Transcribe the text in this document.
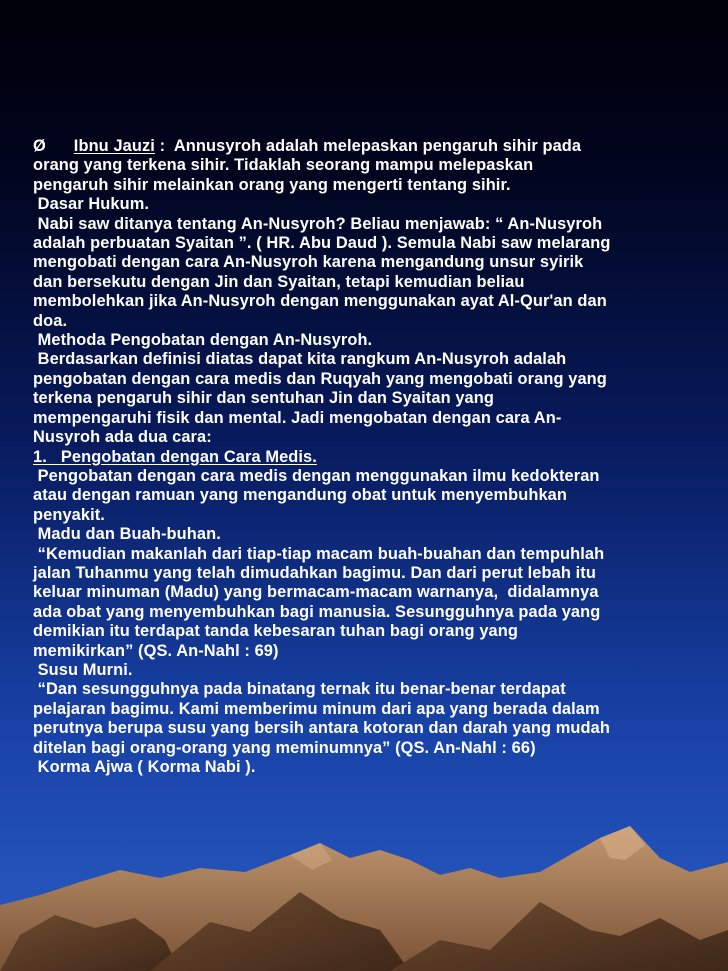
Ø Ibnu Jauzi :  Annusyroh adalah melepaskan pengaruh sihir pada
orang yang terkena sihir. Tidaklah seorang mampu melepaskan
pengaruh sihir melainkan orang yang mengerti tentang sihir.
Dasar Hukum.
Nabi saw ditanya tentang An-Nusyroh? Beliau menjawab: “ An-Nusyroh
adalah perbuatan Syaitan ”. ( HR. Abu Daud ). Semula Nabi saw melarang
mengobati dengan cara An-Nusyroh karena mengandung unsur syirik
dan bersekutu dengan Jin dan Syaitan, tetapi kemudian beliau
membolehkan jika An-Nusyroh dengan menggunakan ayat Al-Qur'an dan
doa.
Methoda Pengobatan dengan An-Nusyroh.
Berdasarkan definisi diatas dapat kita rangkum An-Nusyroh adalah
pengobatan dengan cara medis dan Ruqyah yang mengobati orang yang
terkena pengaruh sihir dan sentuhan Jin dan Syaitan yang
mempengaruhi fisik dan mental. Jadi mengobatan dengan cara An-
Nusyroh ada dua cara:
1.   Pengobatan dengan Cara Medis.
Pengobatan dengan cara medis dengan menggunakan ilmu kedokteran
atau dengan ramuan yang mengandung obat untuk menyembuhkan
penyakit.
Madu dan Buah-buhan.
“Kemudian makanlah dari tiap-tiap macam buah-buahan dan tempuhlah
jalan Tuhanmu yang telah dimudahkan bagimu. Dan dari perut lebah itu
keluar minuman (Madu) yang bermacam-macam warnanya,  didalamnya
ada obat yang menyembuhkan bagi manusia. Sesungguhnya pada yang
demikian itu terdapat tanda kebesaran tuhan bagi orang yang
memikirkan” (QS. An-Nahl : 69)
Susu Murni.
“Dan sesungguhnya pada binatang ternak itu benar-benar terdapat
pelajaran bagimu. Kami memberimu minum dari apa yang berada dalam
perutnya berupa susu yang bersih antara kotoran dan darah yang mudah
ditelan bagi orang-orang yang meminumnya” (QS. An-Nahl : 66)
Korma Ajwa ( Korma Nabi ).
